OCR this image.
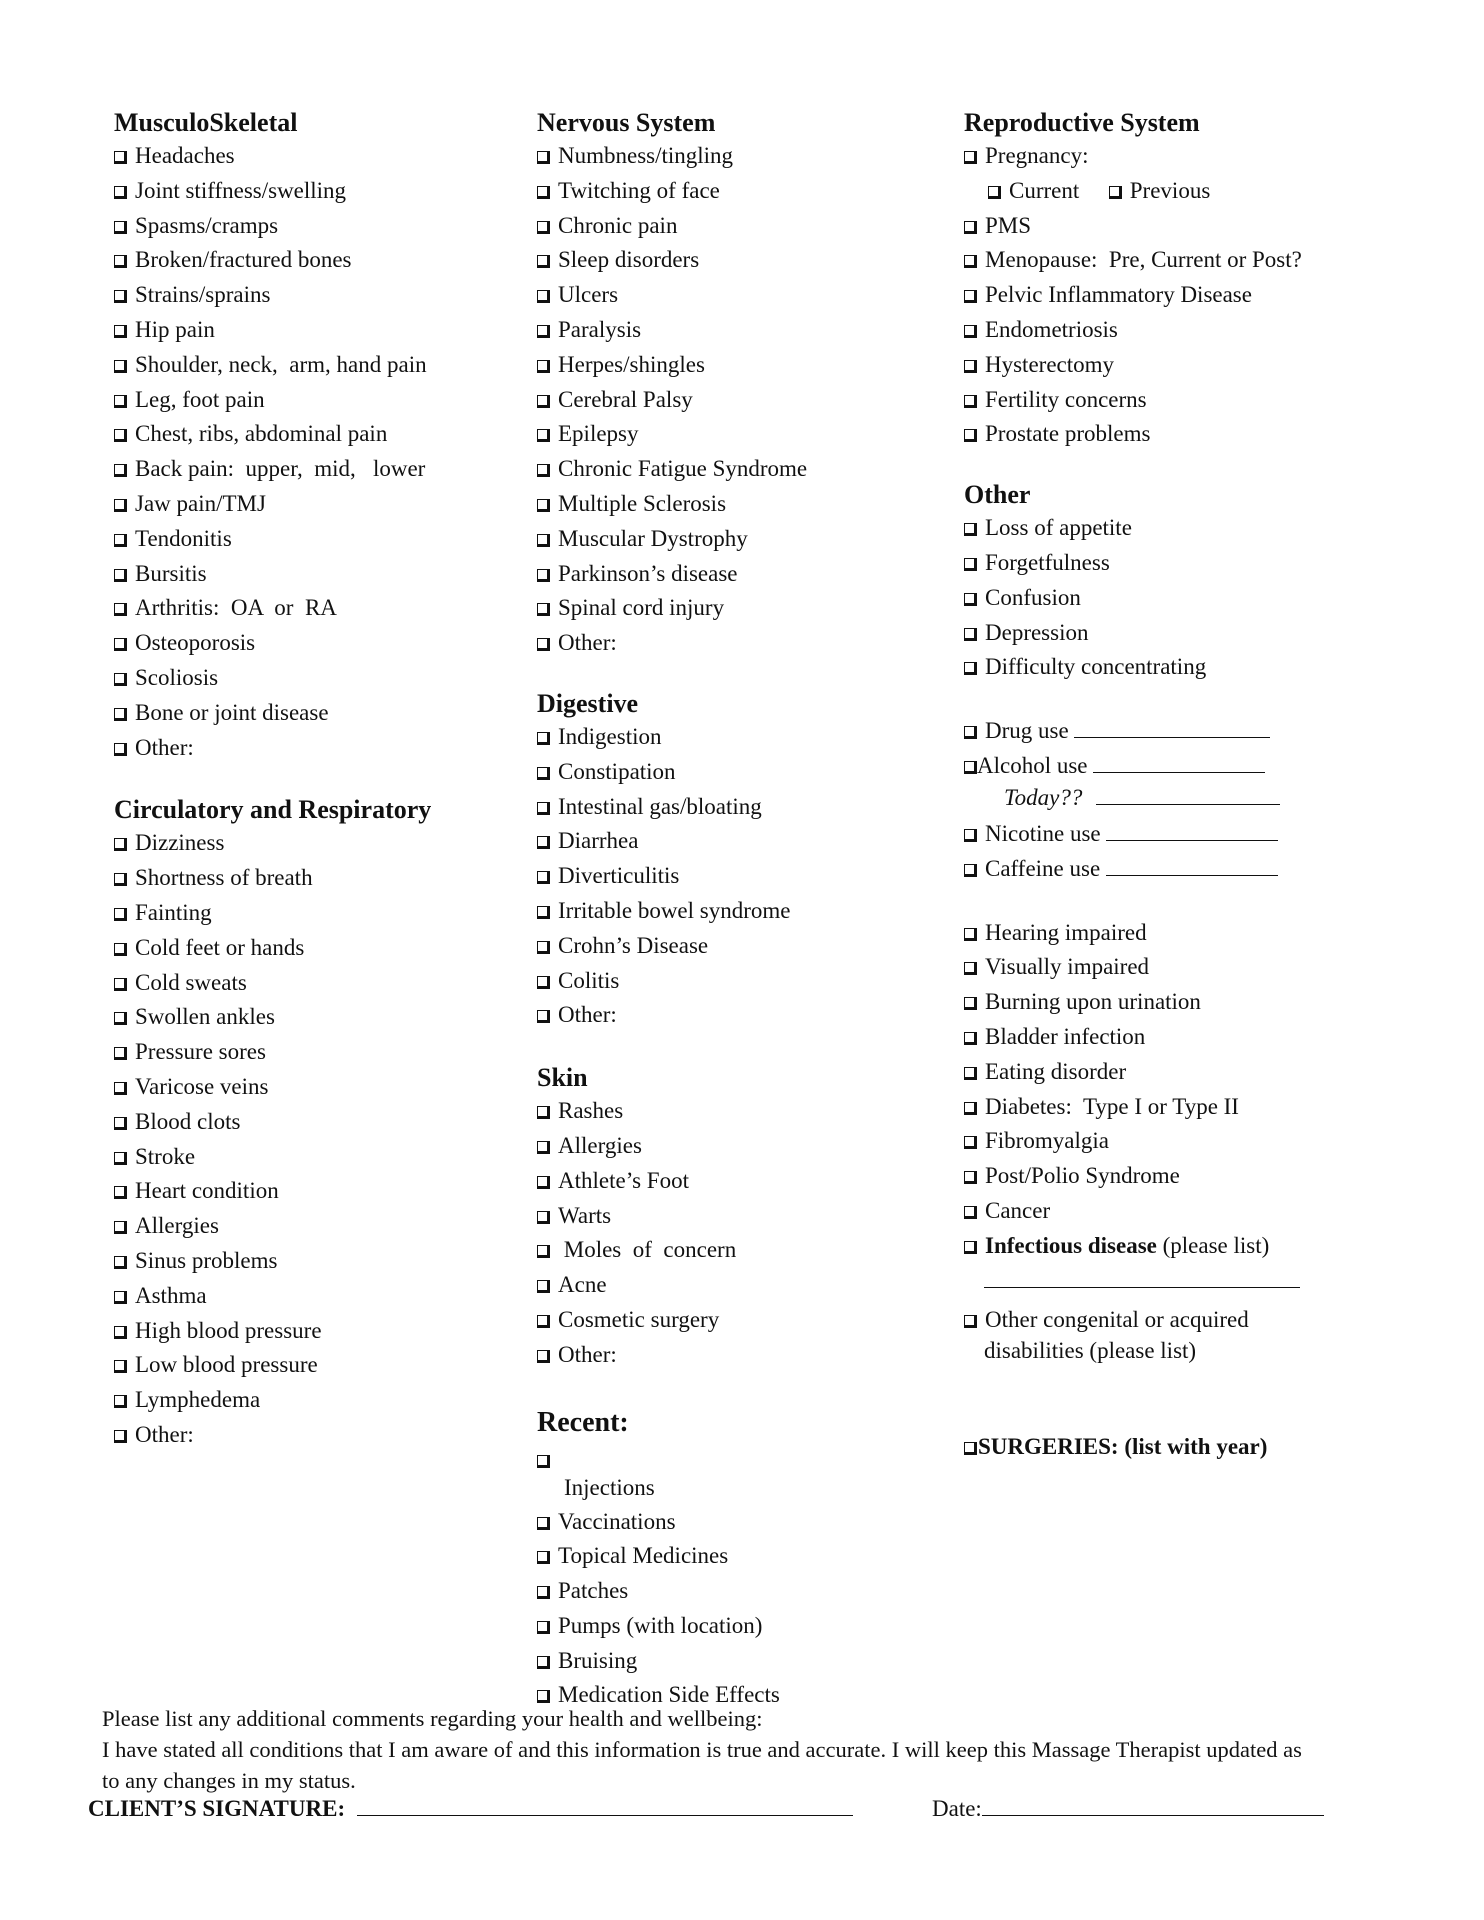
MusculoSkeletal
Headaches
Joint stiffness/swelling
Spasms/cramps
Broken/fractured bones
Strains/sprains
Hip pain
Shoulder, neck,  arm, hand pain
Leg, foot pain
Chest, ribs, abdominal pain
Back pain:  upper,  mid,   lower
Jaw pain/TMJ
Tendonitis
Bursitis
Arthritis:  OA  or  RA
Osteoporosis
Scoliosis
Bone or joint disease
Other:
Circulatory and Respiratory
Dizziness
Shortness of breath
Fainting
Cold feet or hands
Cold sweats
Swollen ankles
Pressure sores
Varicose veins
Blood clots
Stroke
Heart condition
Allergies
Sinus problems
Asthma
High blood pressure
Low blood pressure
Lymphedema
Other:
Nervous System
Numbness/tingling
Twitching of face
Chronic pain
Sleep disorders
Ulcers
Paralysis
Herpes/shingles
Cerebral Palsy
Epilepsy
Chronic Fatigue Syndrome
Multiple Sclerosis
Muscular Dystrophy
Parkinson’s disease
Spinal cord injury
Other:
Digestive
Indigestion
Constipation
Intestinal gas/bloating
Diarrhea
Diverticulitis
Irritable bowel syndrome
Crohn’s Disease
Colitis
Other:
Skin
Rashes
Allergies
Athlete’s Foot
Warts
Moles  of  concern
Acne
Cosmetic surgery
Other:
Recent:
Injections
Vaccinations
Topical Medicines
Patches
Pumps (with location)
Bruising
Medication Side Effects
Reproductive System
Pregnancy:
Current Previous
PMS
Menopause:  Pre, Current or Post?
Pelvic Inflammatory Disease
Endometriosis
Hysterectomy
Fertility concerns
Prostate problems
Other
Loss of appetite
Forgetfulness
Confusion
Depression
Difficulty concentrating
Drug use
Alcohol use
Today??
Nicotine use
Caffeine use
Hearing impaired
Visually impaired
Burning upon urination
Bladder infection
Eating disorder
Diabetes:  Type I or Type II
Fibromyalgia
Post/Polio Syndrome
Cancer
Infectious disease (please list)
Other congenital or acquired
disabilities (please list)
SURGERIES: (list with year)
Please list any additional comments regarding your health and wellbeing:
I have stated all conditions that I am aware of and this information is true and accurate. I will keep this Massage Therapist updated as
to any changes in my status.
CLIENT’S SIGNATURE:	Date:
